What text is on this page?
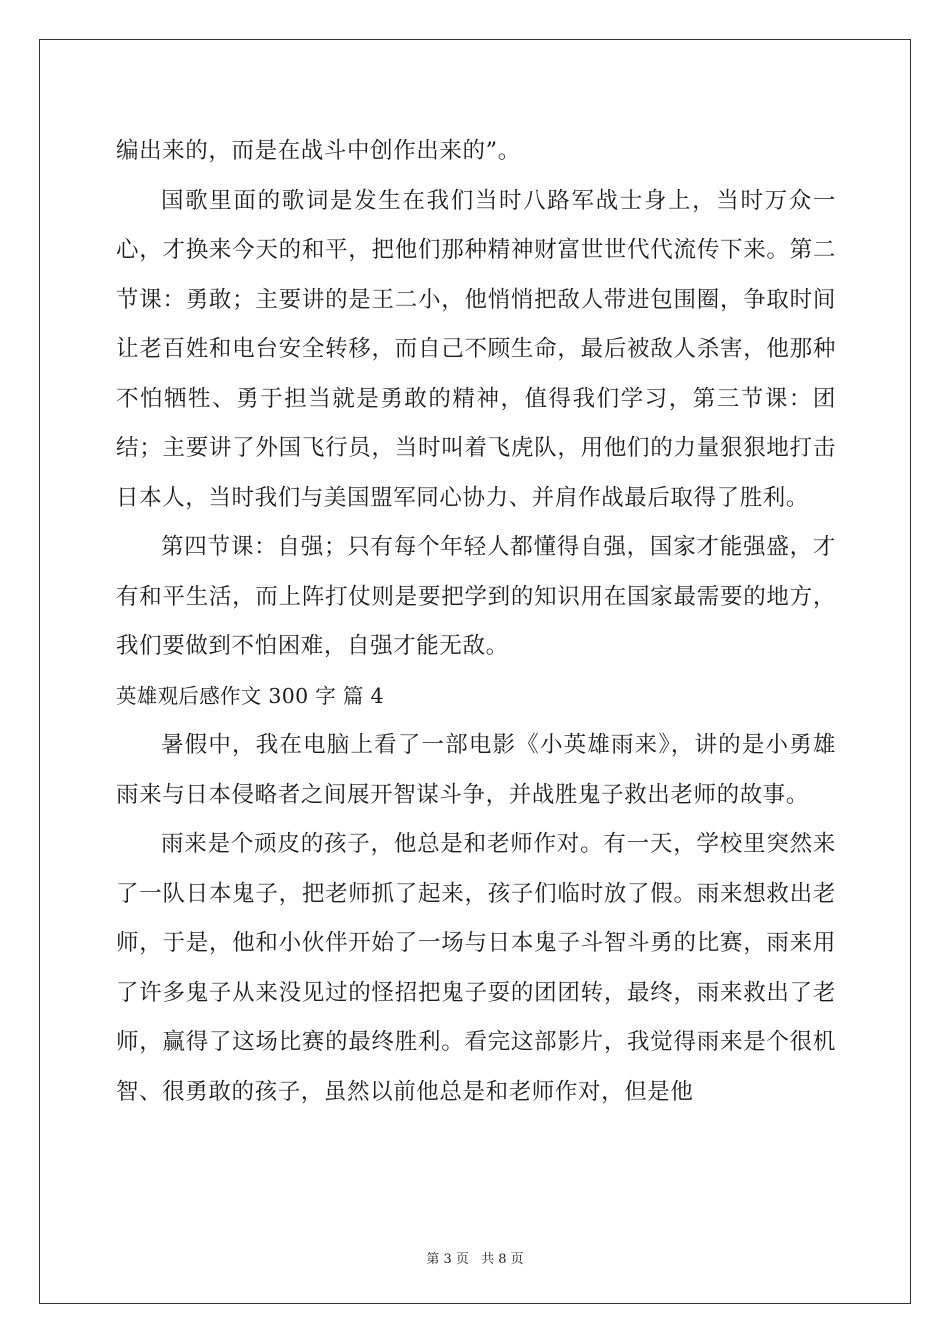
编出来的，而是在战斗中创作出来的”。

国歌里面的歌词是发生在我们当时八路军战士身上，当时万众一心，才换来今天的和平，把他们那种精神财富世世代代流传下来。第二节课：勇敢；主要讲的是王二小，他悄悄把敌人带进包围圈，争取时间让老百姓和电台安全转移，而自己不顾生命，最后被敌人杀害，他那种不怕牺牲、勇于担当就是勇敢的精神，值得我们学习，第三节课：团结；主要讲了外国飞行员，当时叫着飞虎队，用他们的力量狠狠地打击日本人，当时我们与美国盟军同心协力、并肩作战最后取得了胜利。

第四节课：自强；只有每个年轻人都懂得自强，国家才能强盛，才有和平生活，而上阵打仗则是要把学到的知识用在国家最需要的地方，我们要做到不怕困难，自强才能无敌。

英雄观后感作文 300 字 篇 4

暑假中，我在电脑上看了一部电影《小英雄雨来》，讲的是小勇雄雨来与日本侵略者之间展开智谋斗争，并战胜鬼子救出老师的故事。

雨来是个顽皮的孩子，他总是和老师作对。有一天，学校里突然来了一队日本鬼子，把老师抓了起来，孩子们临时放了假。雨来想救出老师，于是，他和小伙伴开始了一场与日本鬼子斗智斗勇的比赛，雨来用了许多鬼子从来没见过的怪招把鬼子耍的团团转，最终，雨来救出了老师，赢得了这场比赛的最终胜利。看完这部影片，我觉得雨来是个很机智、很勇敢的孩子，虽然以前他总是和老师作对，但是他

第 3 页 共 8 页
